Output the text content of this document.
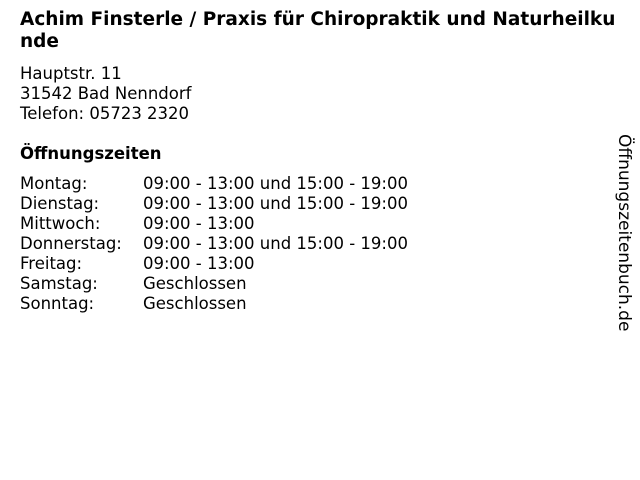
Achim Finsterle / Praxis für Chiropraktik und Naturheilkunde
Hauptstr. 11
31542 Bad Nenndorf
Telefon: 05723 2320
Öffnungszeiten
Montag:	09:00 - 13:00 und 15:00 - 19:00
Dienstag:	09:00 - 13:00 und 15:00 - 19:00
Mittwoch:	09:00 - 13:00
Donnerstag:	09:00 - 13:00 und 15:00 - 19:00
Freitag:	09:00 - 13:00
Samstag:	Geschlossen
Sonntag:	Geschlossen	Öffnungszeitenbuch.de
